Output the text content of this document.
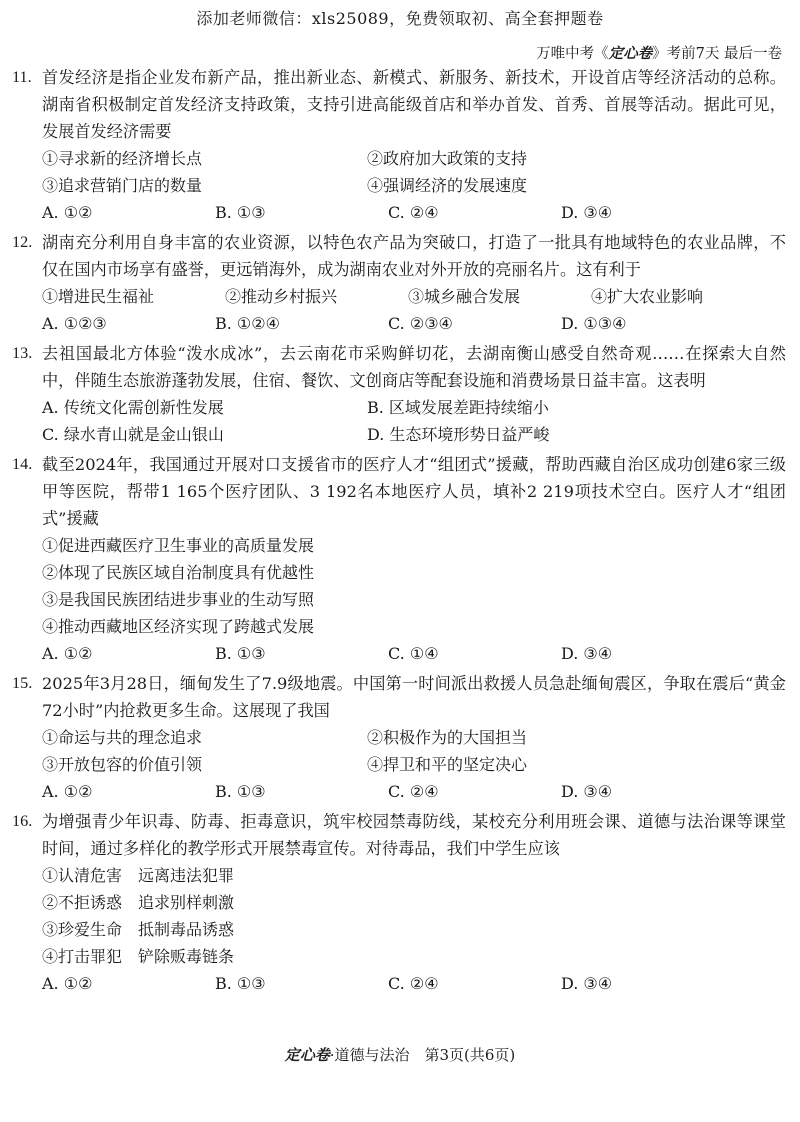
添加老师微信：xls25089，免费领取初、高全套押题卷
万唯中考《定心卷》考前7天 最后一卷
11. 首发经济是指企业发布新产品，推出新业态、新模式、新服务、新技术，开设首店等经济活动的总称。湖南省积极制定首发经济支持政策，支持引进高能级首店和举办首发、首秀、首展等活动。据此可见，发展首发经济需要
①寻求新的经济增长点	②政府加大政策的支持
③追求营销门店的数量	④强调经济的发展速度
A. ①②	B. ①③	C. ②④	D. ③④
12. 湖南充分利用自身丰富的农业资源，以特色农产品为突破口，打造了一批具有地域特色的农业品牌，不仅在国内市场享有盛誉，更远销海外，成为湖南农业对外开放的亮丽名片。这有利于
①增进民生福祉	②推动乡村振兴	③城乡融合发展	④扩大农业影响
A. ①②③	B. ①②④	C. ②③④	D. ①③④
13. 去祖国最北方体验“泼水成冰”，去云南花市采购鲜切花，去湖南衡山感受自然奇观……在探索大自然中，伴随生态旅游蓬勃发展，住宿、餐饮、文创商店等配套设施和消费场景日益丰富。这表明
A. 传统文化需创新性发展	B. 区域发展差距持续缩小
C. 绿水青山就是金山银山	D. 生态环境形势日益严峻
14. 截至2024年，我国通过开展对口支援省市的医疗人才“组团式”援藏，帮助西藏自治区成功创建6家三级甲等医院，帮带1 165个医疗团队、3 192名本地医疗人员，填补2 219项技术空白。医疗人才“组团式”援藏
①促进西藏医疗卫生事业的高质量发展
②体现了民族区域自治制度具有优越性
③是我国民族团结进步事业的生动写照
④推动西藏地区经济实现了跨越式发展
A. ①②	B. ①③	C. ①④	D. ③④
15. 2025年3月28日，缅甸发生了7.9级地震。中国第一时间派出救援人员急赴缅甸震区，争取在震后“黄金72小时”内抢救更多生命。这展现了我国
①命运与共的理念追求	②积极作为的大国担当
③开放包容的价值引领	④捍卫和平的坚定决心
A. ①②	B. ①③	C. ②④	D. ③④
16. 为增强青少年识毒、防毒、拒毒意识，筑牢校园禁毒防线，某校充分利用班会课、道德与法治课等课堂时间，通过多样化的教学形式开展禁毒宣传。对待毒品，我们中学生应该
①认清危害　远离违法犯罪
②不拒诱惑　追求别样刺激
③珍爱生命　抵制毒品诱惑
④打击罪犯　铲除贩毒链条
A. ①②	B. ①③	C. ②④	D. ③④
定心卷·道德与法治　第3页(共6页)
